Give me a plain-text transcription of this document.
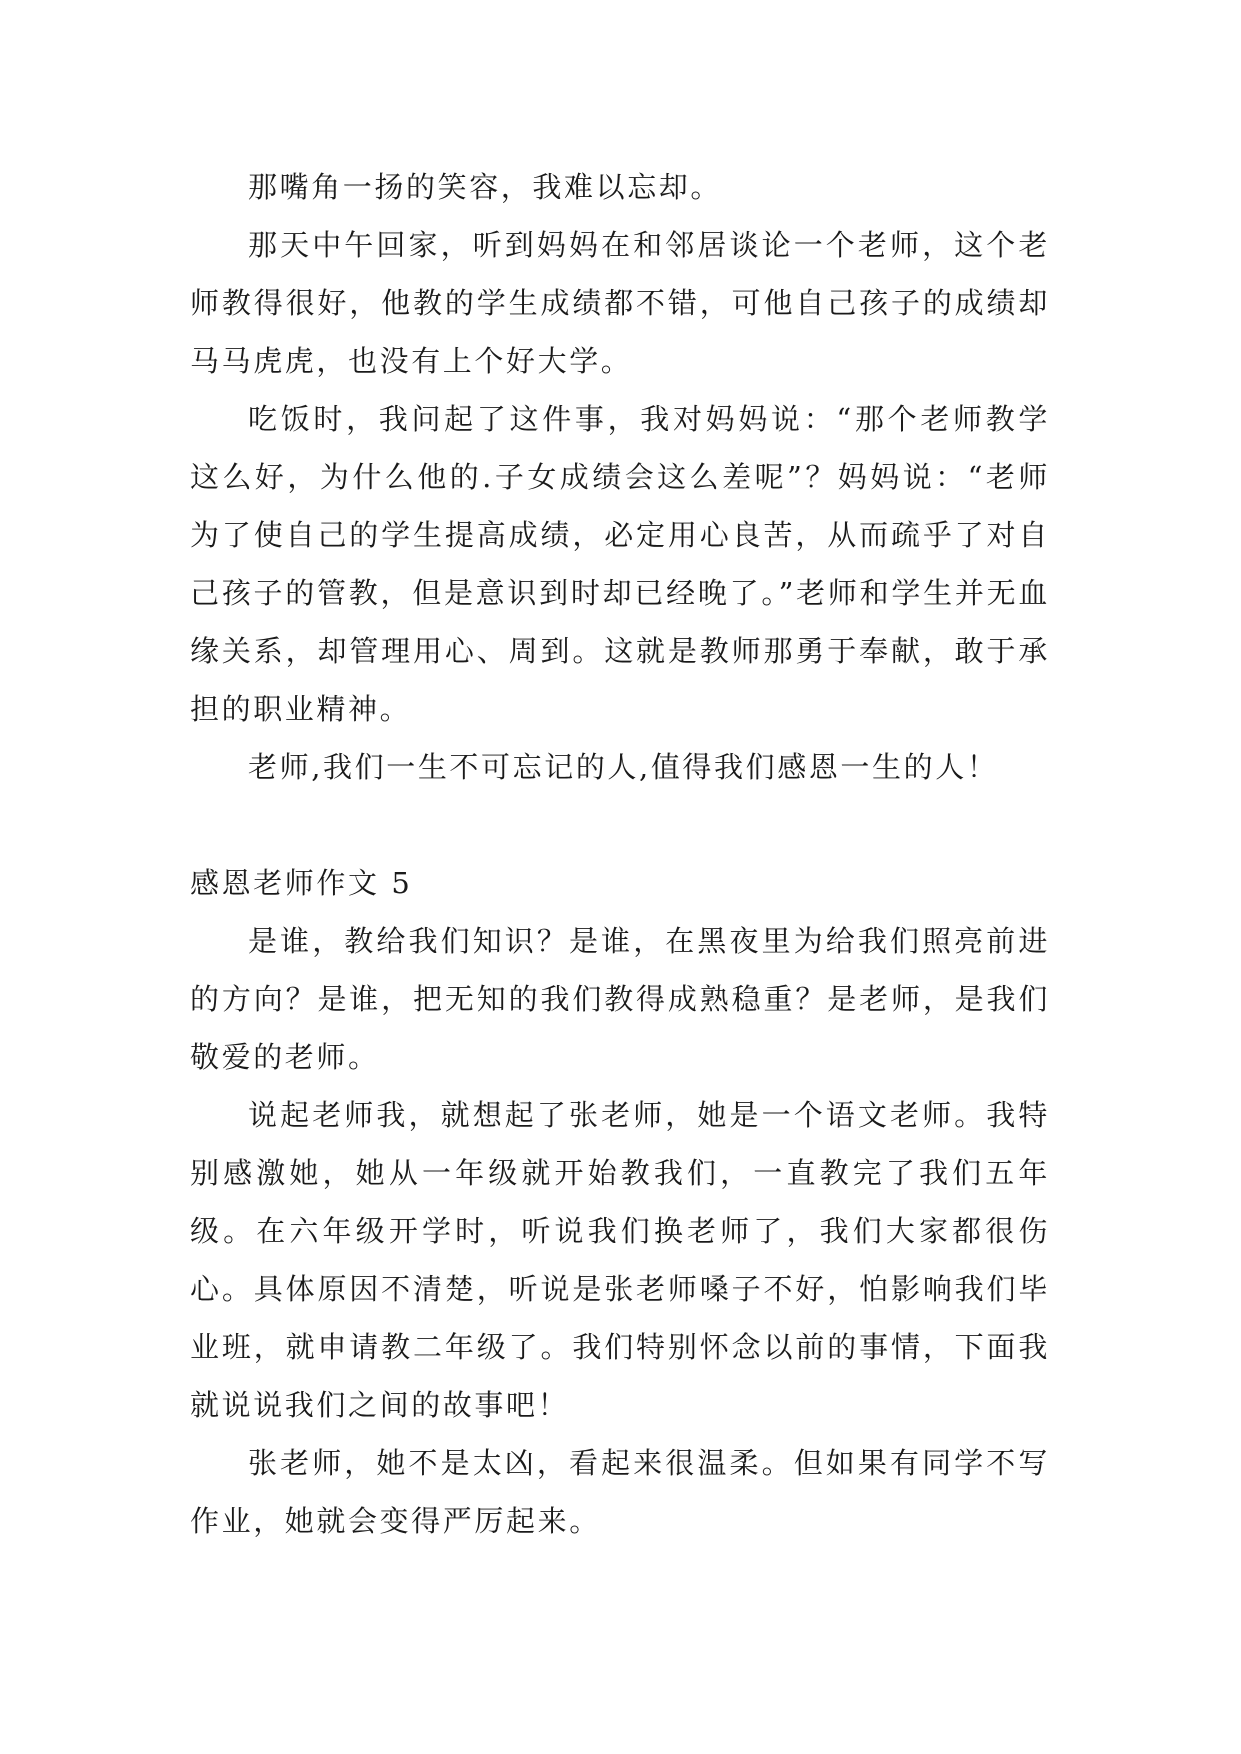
那嘴角一扬的笑容，我难以忘却。

那天中午回家，听到妈妈在和邻居谈论一个老师，这个老师教得很好，他教的学生成绩都不错，可他自己孩子的成绩却马马虎虎，也没有上个好大学。

吃饭时，我问起了这件事，我对妈妈说：“那个老师教学这么好，为什么他的.子女成绩会这么差呢”？妈妈说：“老师为了使自己的学生提高成绩，必定用心良苦，从而疏乎了对自己孩子的管教，但是意识到时却已经晚了。”老师和学生并无血缘关系，却管理用心、周到。这就是教师那勇于奉献，敢于承担的职业精神。

老师,我们一生不可忘记的人,值得我们感恩一生的人！

感恩老师作文 5

是谁，教给我们知识？是谁，在黑夜里为给我们照亮前进的方向？是谁，把无知的我们教得成熟稳重？是老师，是我们敬爱的老师。

说起老师我，就想起了张老师，她是一个语文老师。我特别感激她，她从一年级就开始教我们，一直教完了我们五年级。在六年级开学时，听说我们换老师了，我们大家都很伤心。具体原因不清楚，听说是张老师嗓子不好，怕影响我们毕业班，就申请教二年级了。我们特别怀念以前的事情，下面我就说说我们之间的故事吧！

张老师，她不是太凶，看起来很温柔。但如果有同学不写作业，她就会变得严厉起来。
